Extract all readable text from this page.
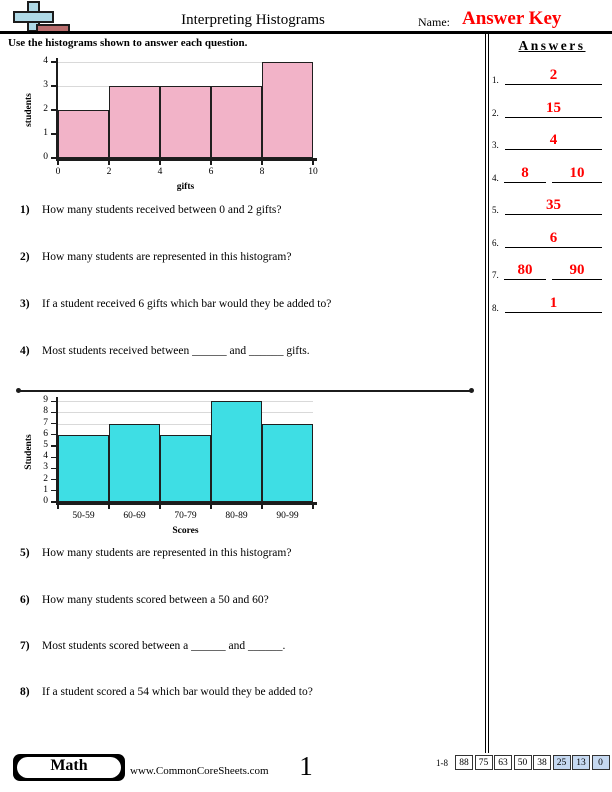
Interpreting Histograms	Name: Answer Key
Use the histograms shown to answer each question.
0
1
2
3
4
0	2	4	6	8	10
gifts
students
0
1
2
3
4
5
6
7
8
9
50-59	60-69	70-79	80-89	90-99
Scores
Students
1)	How many students received between 0 and 2 gifts?
2)	How many students are represented in this histogram?
3)	If a student received 6 gifts which bar would they be added to?
4)	Most students received between ______ and ______ gifts.
5)	How many students are represented in this histogram?
6)	How many students scored between a 50 and 60?
7)	Most students scored between a ______ and ______.
8)	If a student scored a 54 which bar would they be added to?
Answers
1.	2
2.	15
3.	4
4.	8	10
5.	35
6.	6
7.	80	90
8.	1
Math	www.CommonCoreSheets.com	1	1-8	88	75	63	50	38	25	13	0
